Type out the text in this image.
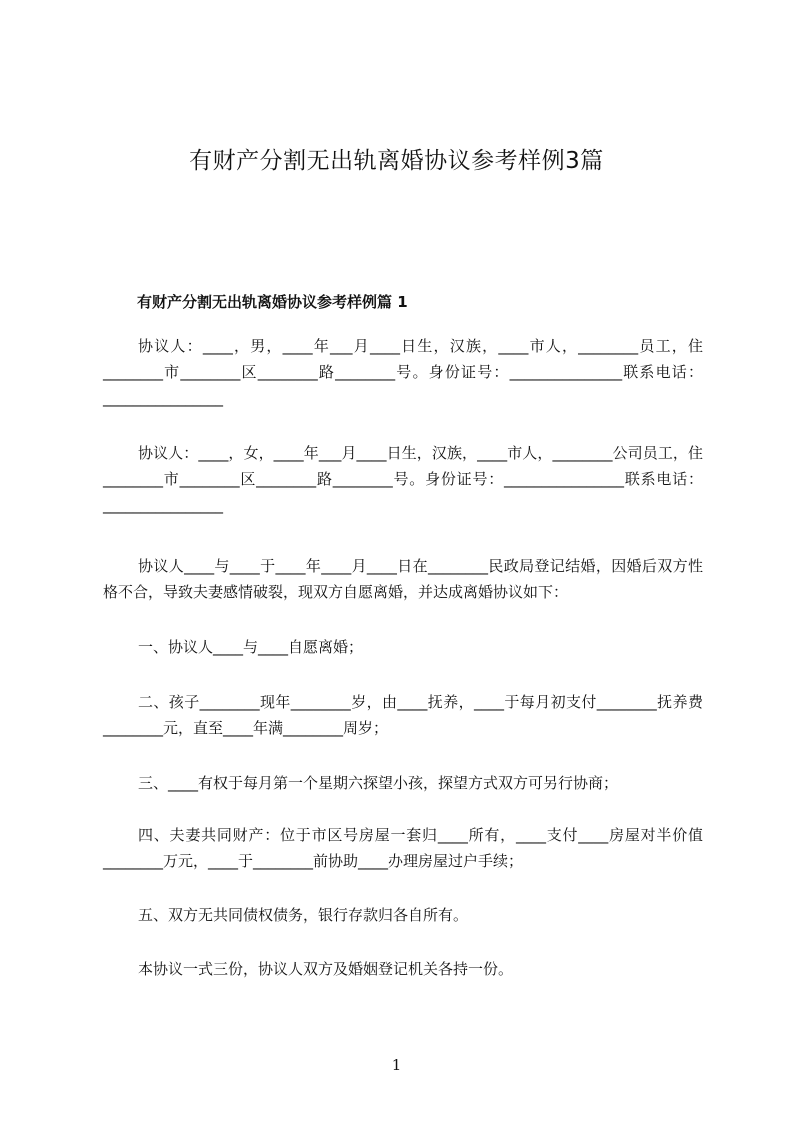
有财产分割无出轨离婚协议参考样例3篇
有财产分割无出轨离婚协议参考样例篇 1

协议人：____，男，____年___月____日生，汉族，____市人，________员工，住________市________区________路________号。身份证号：_______________联系电话：________________

协议人：____，女，____年___月____日生，汉族，____市人，________公司员工，住________市________区________路________号。身份证号：________________联系电话：________________

协议人____与____于____年____月____日在________民政局登记结婚，因婚后双方性格不合，导致夫妻感情破裂，现双方自愿离婚，并达成离婚协议如下：

一、协议人____与____自愿离婚；

二、孩子________现年________岁，由____抚养，____于每月初支付________抚养费________元，直至____年满________周岁；

三、____有权于每月第一个星期六探望小孩，探望方式双方可另行协商；

四、夫妻共同财产：位于市区号房屋一套归____所有，____支付____房屋对半价值________万元，____于________前协助____办理房屋过户手续；

五、双方无共同债权债务，银行存款归各自所有。

本协议一式三份，协议人双方及婚姻登记机关各持一份。

1
